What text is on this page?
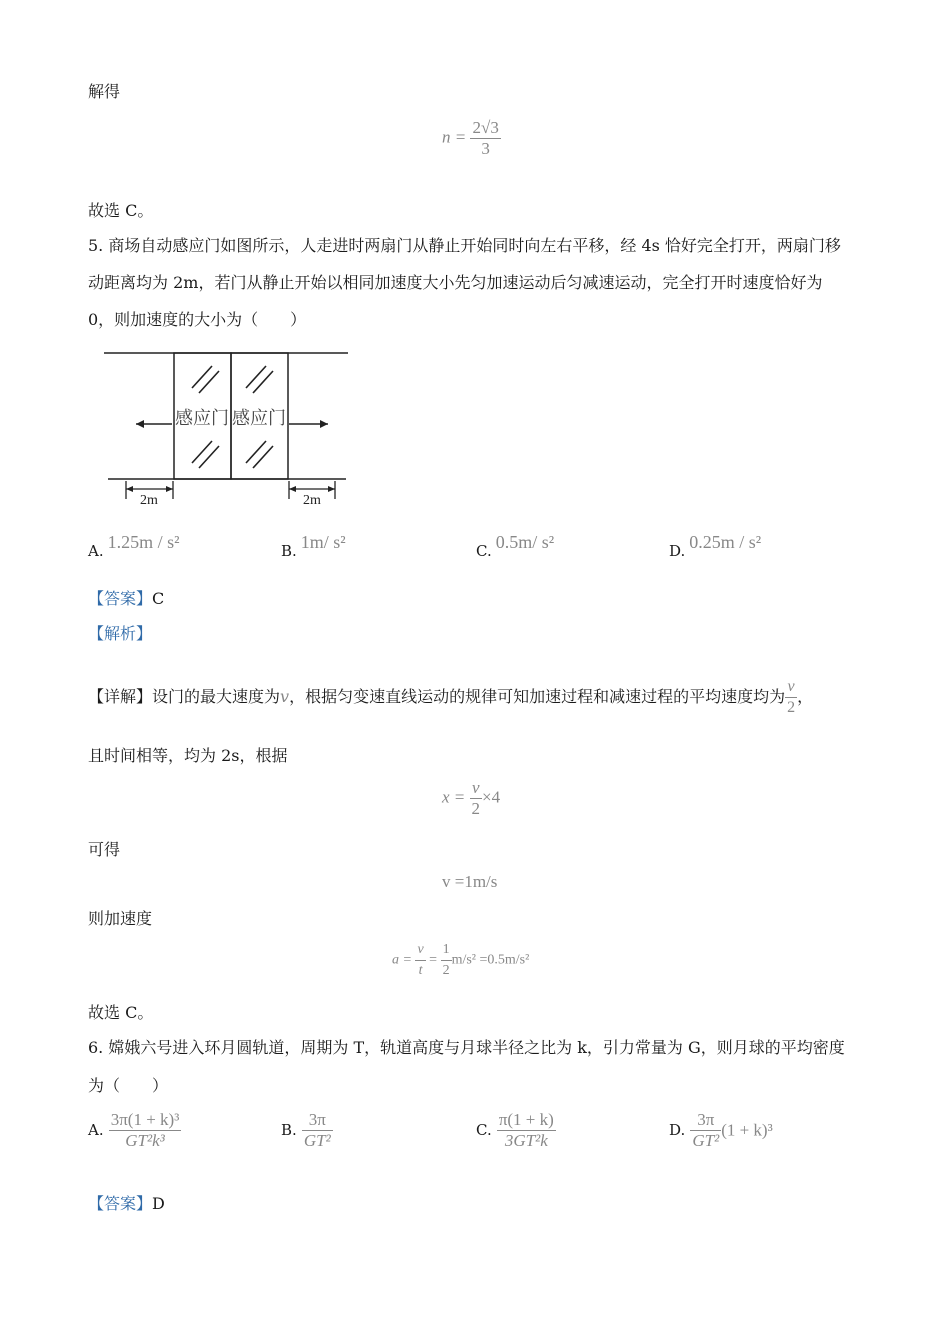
解得
$n = \frac{2√3}{3}$
故选 C。
5. 商场自动感应门如图所示，人走进时两扇门从静止开始同时向左右平移，经 4s 恰好完全打开，两扇门移
动距离均为 2m，若门从静止开始以相同加速度大小先匀加速运动后匀减速运动，完全打开时速度恰好为
0，则加速度的大小为（　　）
感应门 感应门
2m	2m
A. 1.25m / s²	B. 1m/ s²	C. 0.5m/ s²	D. 0.25m / s²
【答案】C
【解析】
【详解】设门的最大速度为v，根据匀变速直线运动的规律可知加速过程和减速过程的平均速度均为 $\frac{v}{2}$ ，
且时间相等，均为 2s，根据
$x = \frac{v}{2} \times 4$
可得
v =1m/s
则加速度
$a = \frac{v}{t} = \frac{1}{2} m/s^2 =0.5m/s^2$
故选 C。
6. 嫦娥六号进入环月圆轨道，周期为 T，轨道高度与月球半径之比为 k，引力常量为 G，则月球的平均密度
为（　　）
A. $\frac{\text{3π(1 + k)³}}{\text{GT²k³}}$	B. $\frac{3\pi}{\text{GT²}}$	C. $\frac{\pi(1 + k)}{\text{3GT²k}}$	D. $\frac{3\pi}{\text{GT²}} (1 + k)^3$
【答案】D
